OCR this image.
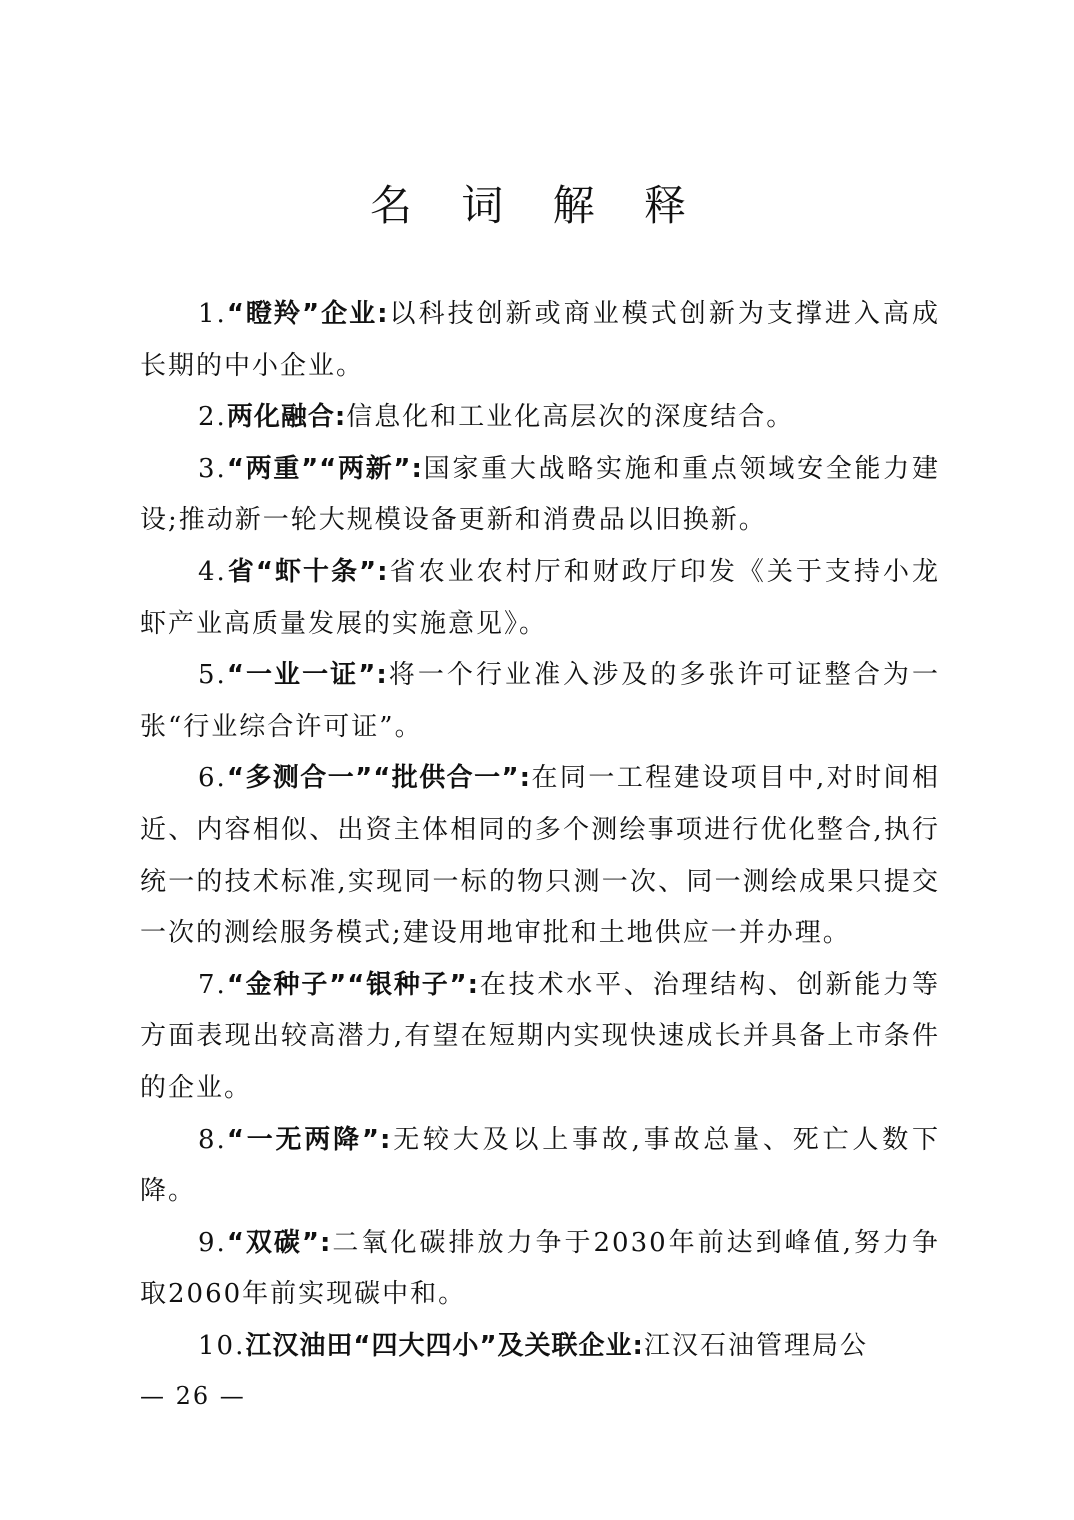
名 词 解 释

1.“瞪羚”企业:以科技创新或商业模式创新为支撑进入高成长期的中小企业。

2.两化融合:信息化和工业化高层次的深度结合。

3.“两重”“两新”:国家重大战略实施和重点领域安全能力建设;推动新一轮大规模设备更新和消费品以旧换新。

4.省“虾十条”:省农业农村厅和财政厅印发《关于支持小龙虾产业高质量发展的实施意见》。

5.“一业一证”:将一个行业准入涉及的多张许可证整合为一张“行业综合许可证”。

6.“多测合一”“批供合一”:在同一工程建设项目中,对时间相近、内容相似、出资主体相同的多个测绘事项进行优化整合,执行统一的技术标准,实现同一标的物只测一次、同一测绘成果只提交一次的测绘服务模式;建设用地审批和土地供应一并办理。

7.“金种子”“银种子”:在技术水平、治理结构、创新能力等方面表现出较高潜力,有望在短期内实现快速成长并具备上市条件的企业。

8.“一无两降”:无较大及以上事故,事故总量、死亡人数下降。

9.“双碳”:二氧化碳排放力争于2030年前达到峰值,努力争取2060年前实现碳中和。

10.江汉油田“四大四小”及关联企业:江汉石油管理局公

— 26 —
